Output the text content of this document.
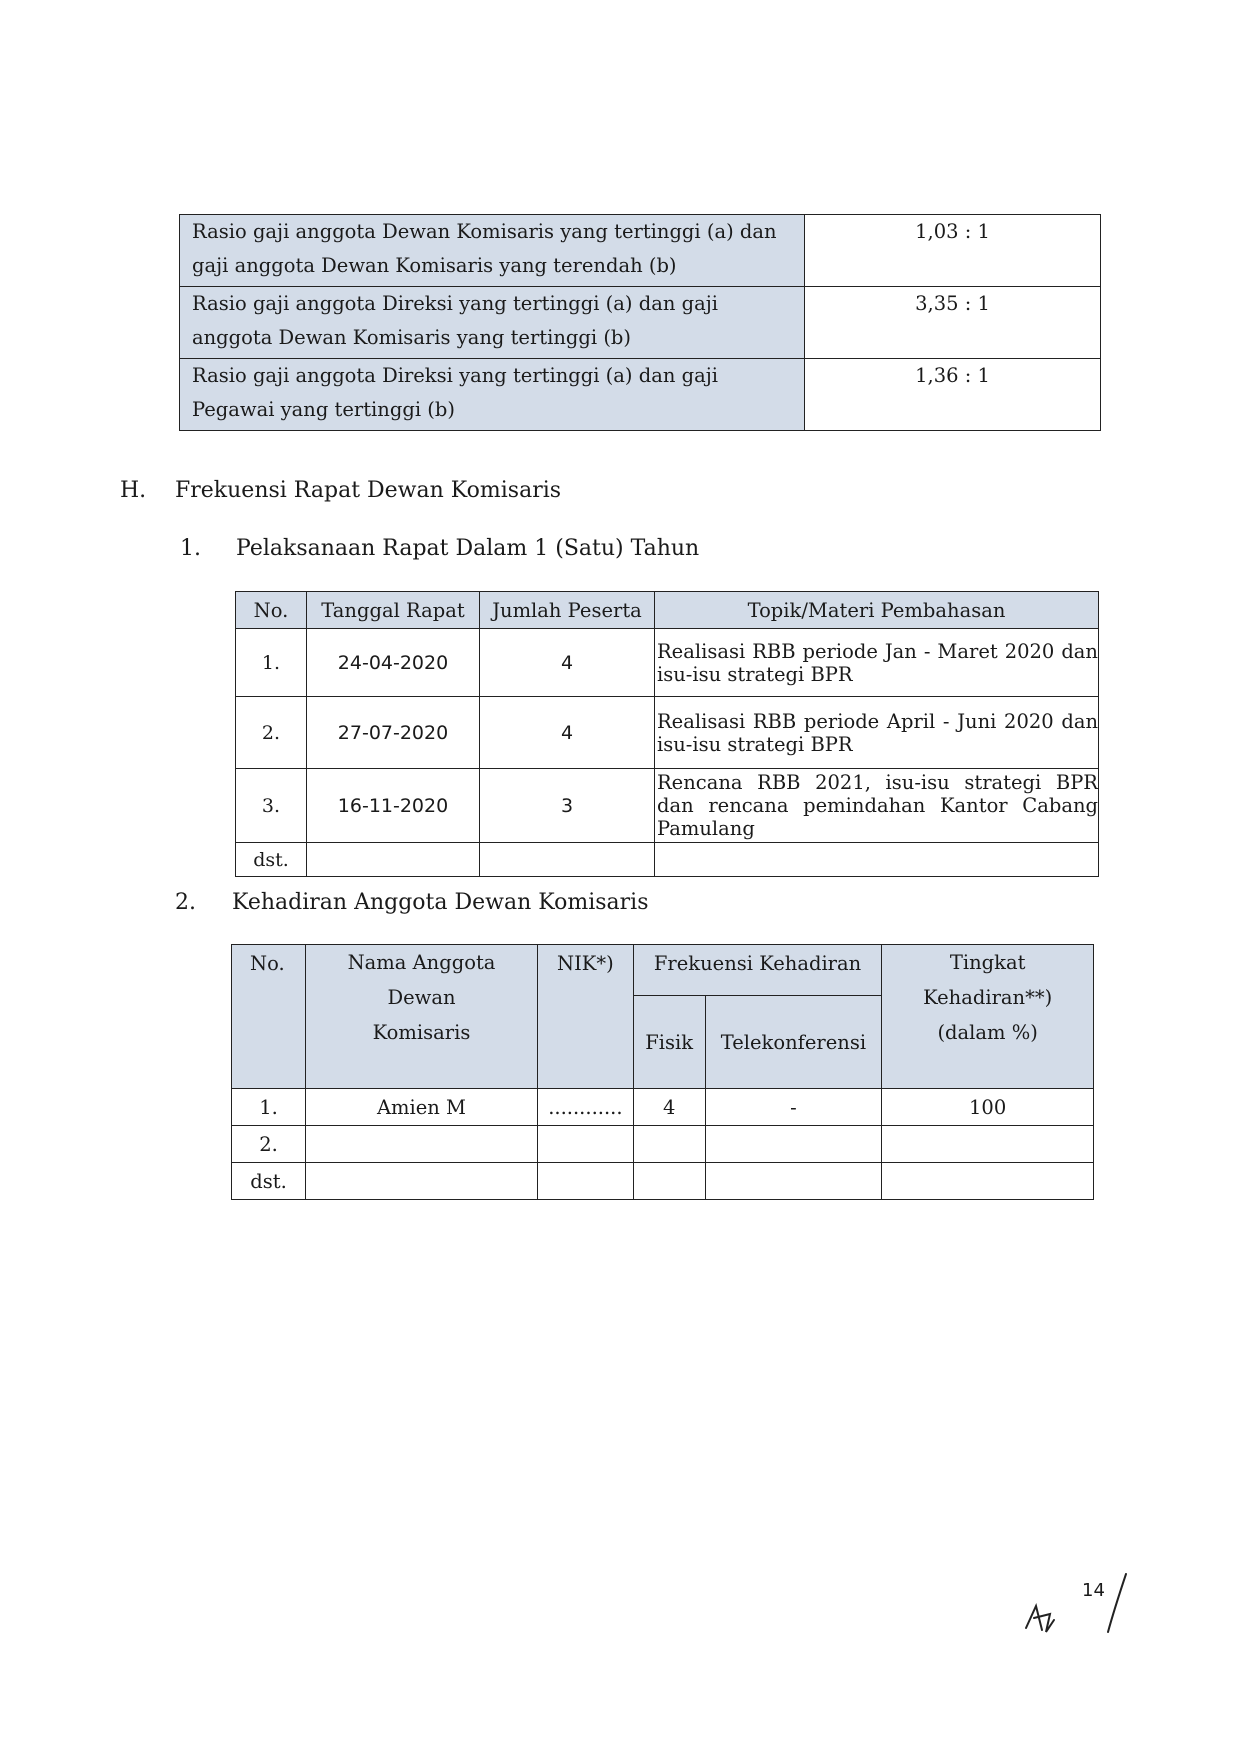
Rasio gaji anggota Dewan Komisaris yang tertinggi (a) dan gaji anggota Dewan Komisaris yang terendah (b)	1,03 : 1
Rasio gaji anggota Direksi yang tertinggi (a) dan gaji anggota Dewan Komisaris yang tertinggi (b)	3,35 : 1
Rasio gaji anggota Direksi yang tertinggi (a) dan gaji Pegawai yang tertinggi (b)	1,36 : 1
H. Frekuensi Rapat Dewan Komisaris
1. Pelaksanaan Rapat Dalam 1 (Satu) Tahun
No.	Tanggal Rapat	Jumlah Peserta	Topik/Materi Pembahasan
1.	24-04-2020	4	Realisasi RBB periode Jan - Maret 2020 dan isu-isu strategi BPR
2.	27-07-2020	4	Realisasi RBB periode April - Juni 2020 dan isu-isu strategi BPR
3.	16-11-2020	3	Rencana RBB 2021, isu-isu strategi BPR dan rencana pemindahan Kantor Cabang Pamulang
dst.			
2. Kehadiran Anggota Dewan Komisaris
No.	Nama Anggota Dewan Komisaris	NIK*)	Frekuensi Kehadiran		Tingkat Kehadiran**) (dalam %)
			Fisik	Telekonferensi	
1.	Amien M	............	4	-	100
2.					
dst.					
14
